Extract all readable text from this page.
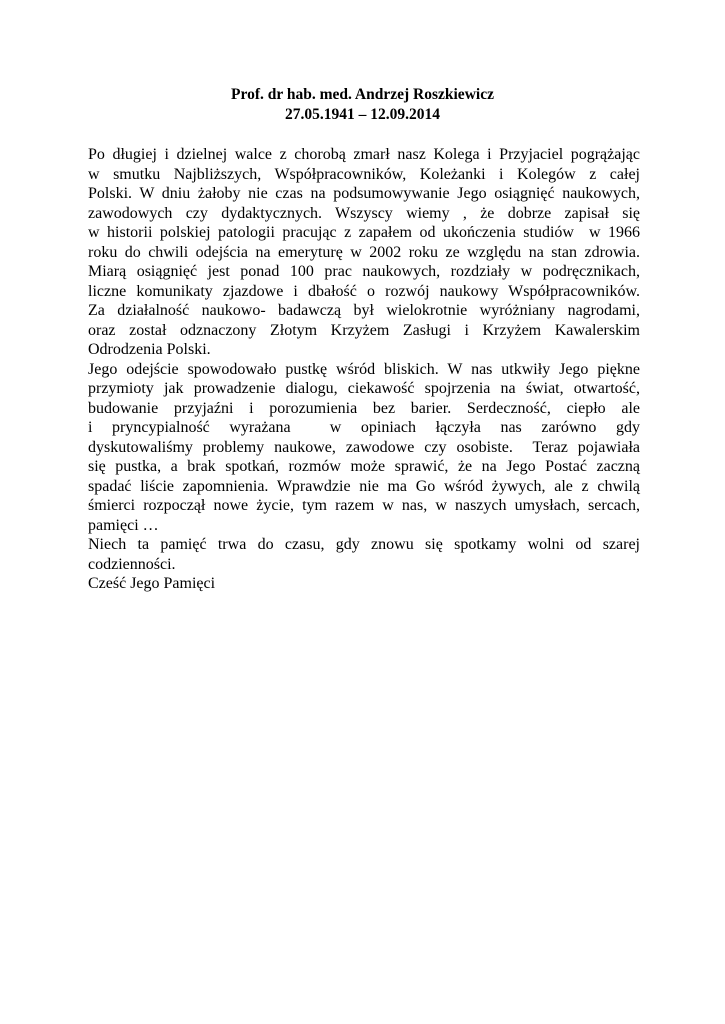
Prof. dr hab. med. Andrzej Roszkiewicz
27.05.1941 – 12.09.2014
Po długiej i dzielnej walce z chorobą zmarł nasz Kolega i Przyjaciel pogrążając
w smutku Najbliższych, Współpracowników, Koleżanki i Kolegów z całej
Polski. W dniu żałoby nie czas na podsumowywanie Jego osiągnięć naukowych,
zawodowych czy dydaktycznych. Wszyscy wiemy , że dobrze zapisał się
w historii polskiej patologii pracując z zapałem od ukończenia studiów  w 1966
roku do chwili odejścia na emeryturę w 2002 roku ze względu na stan zdrowia.
Miarą osiągnięć jest ponad 100 prac naukowych, rozdziały w podręcznikach,
liczne komunikaty zjazdowe i dbałość o rozwój naukowy Współpracowników.
Za działalność naukowo- badawczą był wielokrotnie wyróżniany nagrodami,
oraz został odznaczony Złotym Krzyżem Zasługi i Krzyżem Kawalerskim
Odrodzenia Polski.
Jego odejście spowodowało pustkę wśród bliskich. W nas utkwiły Jego piękne
przymioty jak prowadzenie dialogu, ciekawość spojrzenia na świat, otwartość,
budowanie przyjaźni i porozumienia bez barier. Serdeczność, ciepło ale
i  pryncypialność  wyrażana    w  opiniach  łączyła  nas  zarówno  gdy
dyskutowaliśmy problemy naukowe, zawodowe czy osobiste.  Teraz pojawiała
się pustka, a brak spotkań, rozmów może sprawić, że na Jego Postać zaczną
spadać liście zapomnienia. Wprawdzie nie ma Go wśród żywych, ale z chwilą
śmierci rozpoczął nowe życie, tym razem w nas, w naszych umysłach, sercach,
pamięci …
Niech ta pamięć trwa do czasu, gdy znowu się spotkamy wolni od szarej
codzienności.
Cześć Jego Pamięci
